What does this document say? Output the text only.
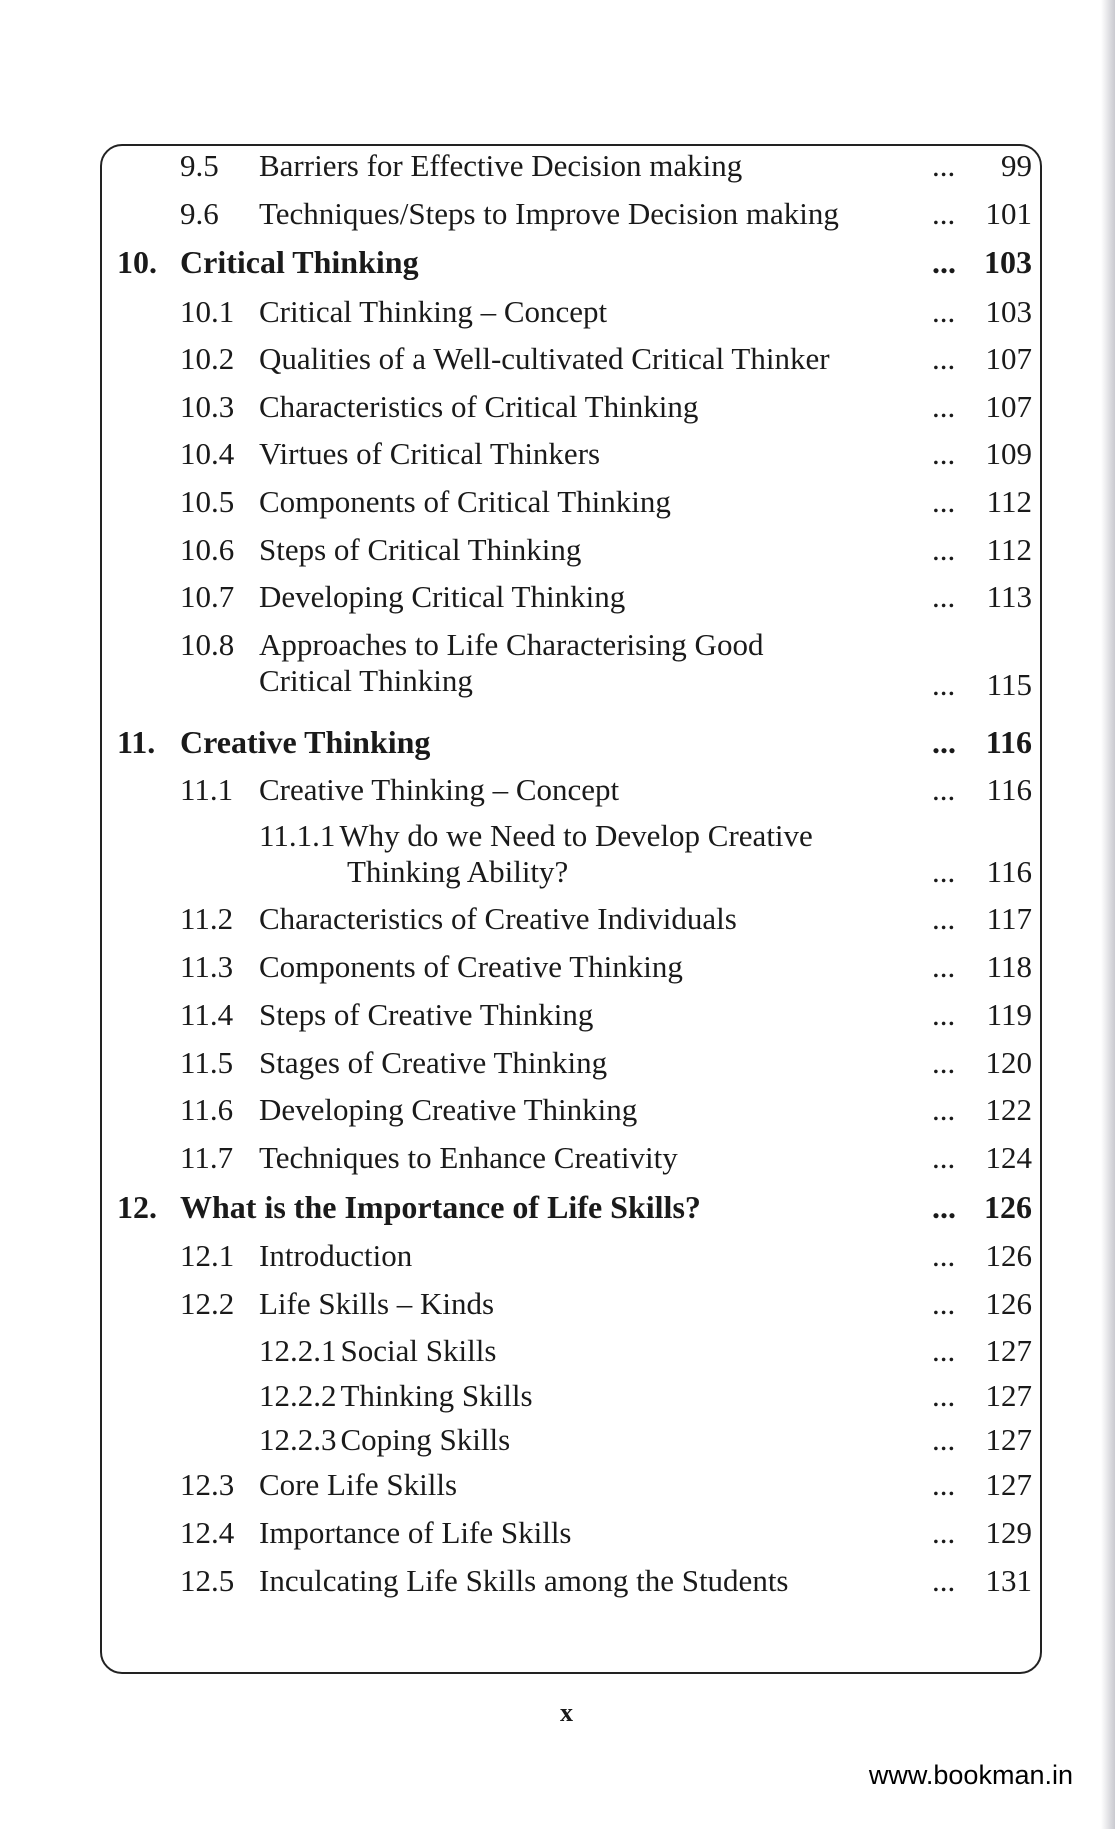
9.5 Barriers for Effective Decision making	... 99
9.6 Techniques/Steps to Improve Decision making	... 101
10. Critical Thinking	... 103
10.1 Critical Thinking – Concept	... 103
10.2 Qualities of a Well-cultivated Critical Thinker	... 107
10.3 Characteristics of Critical Thinking	... 107
10.4 Virtues of Critical Thinkers	... 109
10.5 Components of Critical Thinking	... 112
10.6 Steps of Critical Thinking	... 112
10.7 Developing Critical Thinking	... 113
10.8 Approaches to Life Characterising Good
Critical Thinking	... 115
11. Creative Thinking	... 116
11.1 Creative Thinking – Concept	... 116
11.1.1 Why do we Need to Develop Creative
Thinking Ability?	... 116
11.2 Characteristics of Creative Individuals	... 117
11.3 Components of Creative Thinking	... 118
11.4 Steps of Creative Thinking	... 119
11.5 Stages of Creative Thinking	... 120
11.6 Developing Creative Thinking	... 122
11.7 Techniques to Enhance Creativity	... 124
12. What is the Importance of Life Skills?	... 126
12.1 Introduction	... 126
12.2 Life Skills – Kinds	... 126
12.2.1 Social Skills	... 127
12.2.2 Thinking Skills	... 127
12.2.3 Coping Skills	... 127
12.3 Core Life Skills	... 127
12.4 Importance of Life Skills	... 129
12.5 Inculcating Life Skills among the Students	... 131
x
www.bookman.in
